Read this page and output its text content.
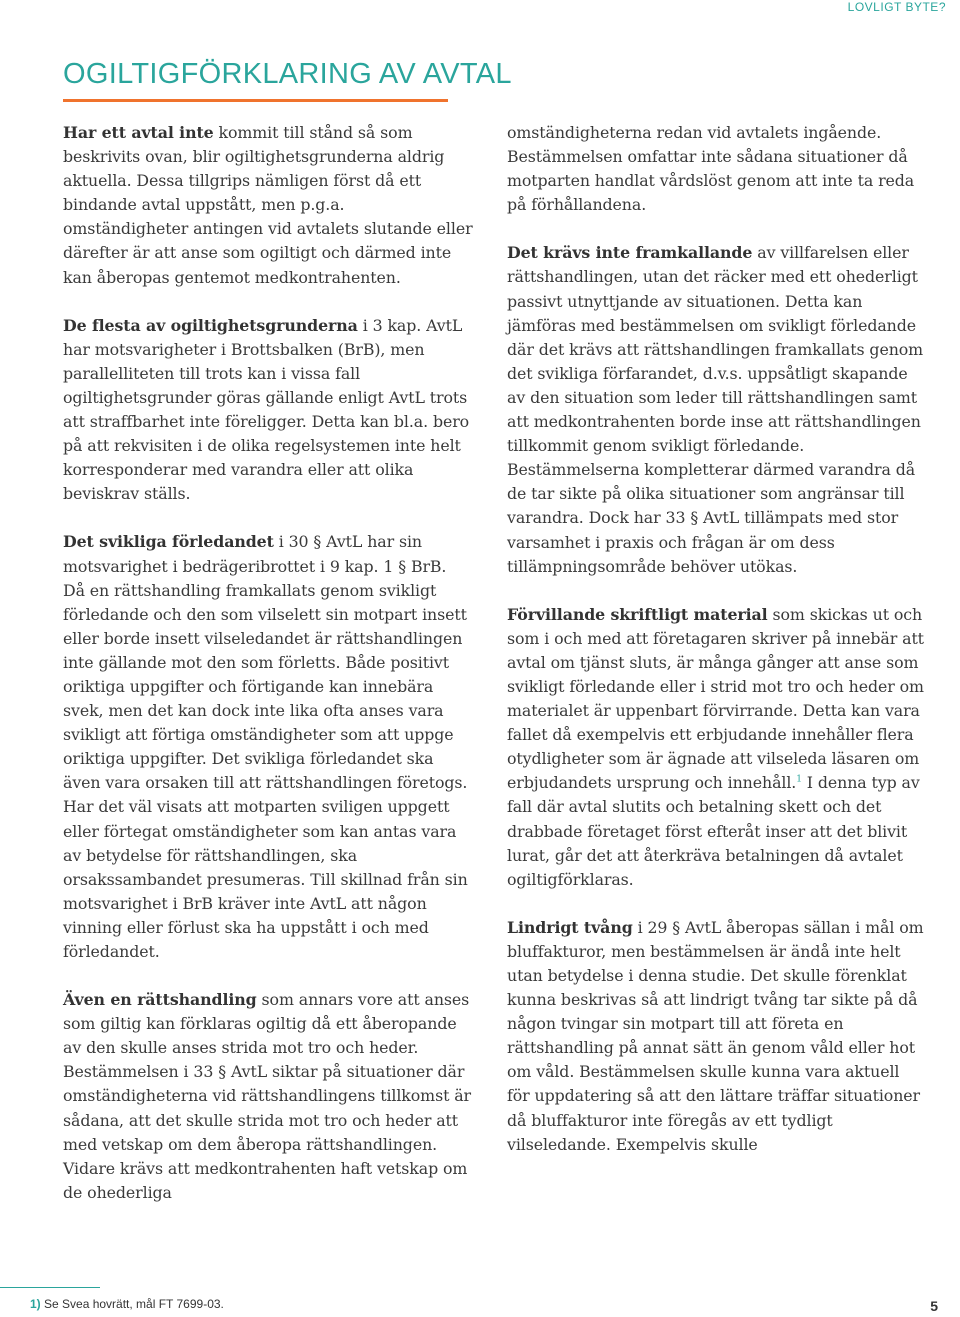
LOVLIGT BYTE?
OGILTIGFÖRKLARING AV AVTAL

Har ett avtal inte kommit till stånd så som beskrivits ovan, blir ogiltighetsgrunderna aldrig aktuella. Dessa tillgrips nämligen först då ett bindande avtal uppstått, men p.g.a. omständigheter antingen vid avtalets slutande eller därefter är att anse som ogiltigt och därmed inte kan åberopas gentemot medkontrahenten.

De flesta av ogiltighetsgrunderna i 3 kap. AvtL har motsvarigheter i Brottsbalken (BrB), men parallelliteten till trots kan i vissa fall ogiltighetsgrunder göras gällande enligt AvtL trots att straffbarhet inte föreligger. Detta kan bl.a. bero på att rekvisiten i de olika regelsystemen inte helt korresponderar med varandra eller att olika beviskrav ställs.

Det svikliga förledandet i 30 § AvtL har sin motsvarighet i bedrägeribrottet i 9 kap. 1 § BrB. Då en rättshandling framkallats genom svikligt förledande och den som vilselett sin motpart insett eller borde insett vilseledandet är rättshandlingen inte gällande mot den som förletts. Både positivt oriktiga uppgifter och förtigande kan innebära svek, men det kan dock inte lika ofta anses vara svikligt att förtiga omständigheter som att uppge oriktiga uppgifter. Det svikliga förledandet ska även vara orsaken till att rättshandlingen företogs. Har det väl visats att motparten sviligen uppgett eller förtegat omständigheter som kan antas vara av betydelse för rättshandlingen, ska orsakssambandet presumeras. Till skillnad från sin motsvarighet i BrB kräver inte AvtL att någon vinning eller förlust ska ha uppstått i och med förledandet.

Även en rättshandling som annars vore att anses som giltig kan förklaras ogiltig då ett åberopande av den skulle anses strida mot tro och heder. Bestämmelsen i 33 § AvtL siktar på situationer där omständigheterna vid rättshandlingens tillkomst är sådana, att det skulle strida mot tro och heder att med vetskap om dem åberopa rättshandlingen. Vidare krävs att medkontrahenten haft vetskap om de ohederliga

omständigheterna redan vid avtalets ingående. Bestämmelsen omfattar inte sådana situationer då motparten handlat vårdslöst genom att inte ta reda på förhållandena.

Det krävs inte framkallande av villfarelsen eller rättshandlingen, utan det räcker med ett ohederligt passivt utnyttjande av situationen. Detta kan jämföras med bestämmelsen om svikligt förledande där det krävs att rättshandlingen framkallats genom det svikliga förfarandet, d.v.s. uppsåtligt skapande av den situation som leder till rättshandlingen samt att medkontrahenten borde inse att rättshandlingen tillkommit genom svikligt förledande. Bestämmelserna kompletterar därmed varandra då de tar sikte på olika situationer som angränsar till varandra. Dock har 33 § AvtL tillämpats med stor varsamhet i praxis och frågan är om dess tillämpningsområde behöver utökas.

Förvillande skriftligt material som skickas ut och som i och med att företagaren skriver på innebär att avtal om tjänst sluts, är många gånger att anse som svikligt förledande eller i strid mot tro och heder om materialet är uppenbart förvirrande. Detta kan vara fallet då exempelvis ett erbjudande innehåller flera otydligheter som är ägnade att vilseleda läsaren om erbjudandets ursprung och innehåll.$^1$ I denna typ av fall där avtal slutits och betalning skett och det drabbade företaget först efteråt inser att det blivit lurat, går det att återkräva betalningen då avtalet ogiltigförklaras.

Lindrigt tvång i 29 § AvtL åberopas sällan i mål om bluffakturor, men bestämmelsen är ändå inte helt utan betydelse i denna studie. Det skulle förenklat kunna beskrivas så att lindrigt tvång tar sikte på då någon tvingar sin motpart till att företa en rättshandling på annat sätt än genom våld eller hot om våld. Bestämmelsen skulle kunna vara aktuell för uppdatering så att den lättare träffar situationer då bluffakturor inte föregås av ett tydligt vilseledande. Exempelvis skulle

1) Se Svea hovrätt, mål FT 7699-03.	5
